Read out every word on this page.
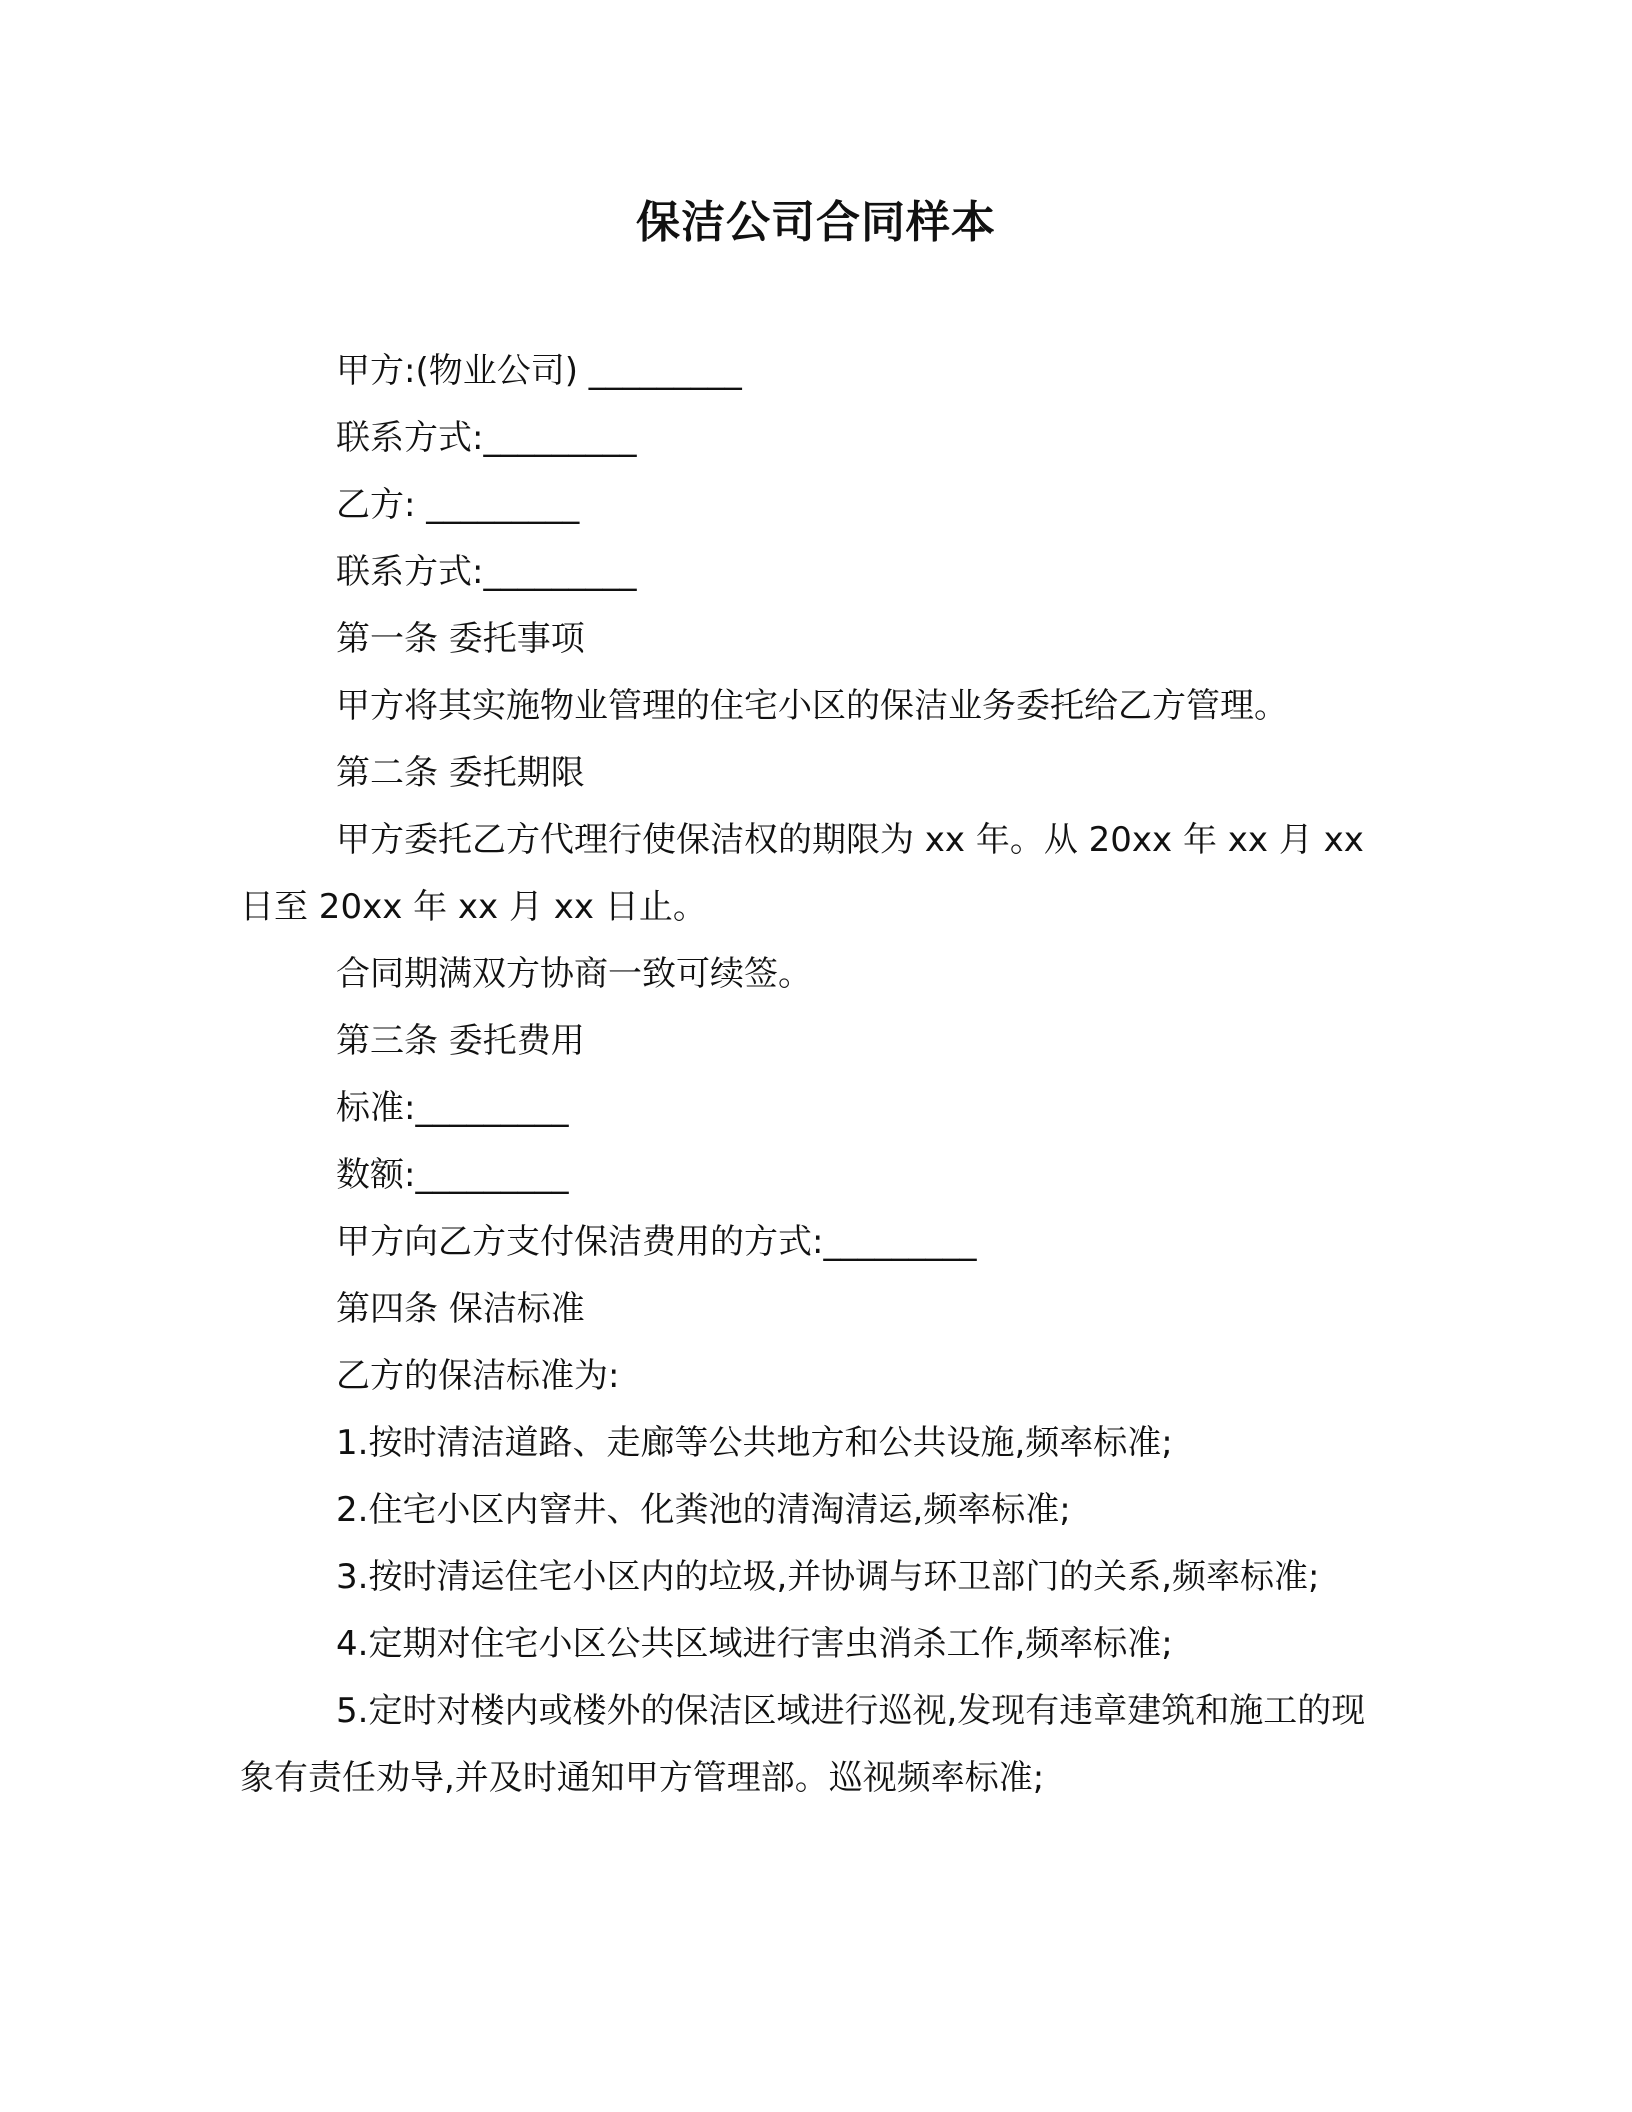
保洁公司合同样本
甲方:(物业公司) _________
联系方式:_________
乙方: _________
联系方式:_________
第一条 委托事项
甲方将其实施物业管理的住宅小区的保洁业务委托给乙方管理。
第二条 委托期限
甲方委托乙方代理行使保洁权的期限为 xx 年。从 20xx 年 xx 月 xx 日至 20xx 年 xx 月 xx 日止。
合同期满双方协商一致可续签。
第三条 委托费用
标准:_________
数额:_________
甲方向乙方支付保洁费用的方式:_________
第四条 保洁标准
乙方的保洁标准为:
1.按时清洁道路、走廊等公共地方和公共设施,频率标准;
2.住宅小区内窨井、化粪池的清淘清运,频率标准;
3.按时清运住宅小区内的垃圾,并协调与环卫部门的关系,频率标准;
4.定期对住宅小区公共区域进行害虫消杀工作,频率标准;
5.定时对楼内或楼外的保洁区域进行巡视,发现有违章建筑和施工的现象有责任劝导,并及时通知甲方管理部。巡视频率标准;
